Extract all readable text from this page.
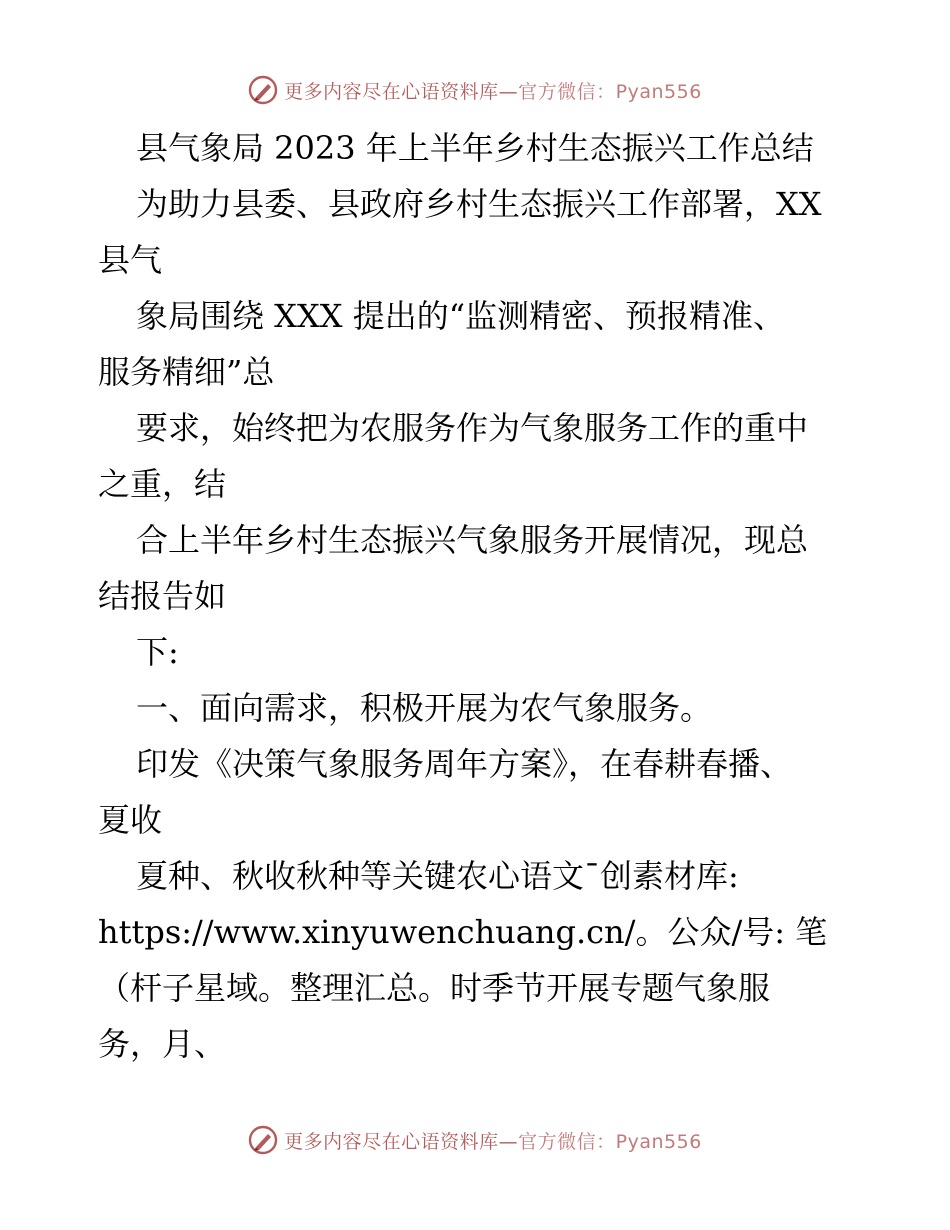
更多内容尽在心语资料库—官方微信：Pyan556
县气象局 2023 年上半年乡村生态振兴工作总结
为助力县委、县政府乡村生态振兴工作部署，XX
县气
象局围绕 XXX 提出的“监测精密、预报精准、
服务精细”总
要求，始终把为农服务作为气象服务工作的重中
之重，结
合上半年乡村生态振兴气象服务开展情况，现总
结报告如
下:
一、面向需求，积极开展为农气象服务。
印发《决策气象服务周年方案》，在春耕春播、
夏收
夏种、秋收秋种等关键农心语文¯创素材库:
https://www.xinyuwenchuang.cn/。公众/号: 笔
（杆子星域。整理汇总。时季节开展专题气象服
务，月、
更多内容尽在心语资料库—官方微信：Pyan556
